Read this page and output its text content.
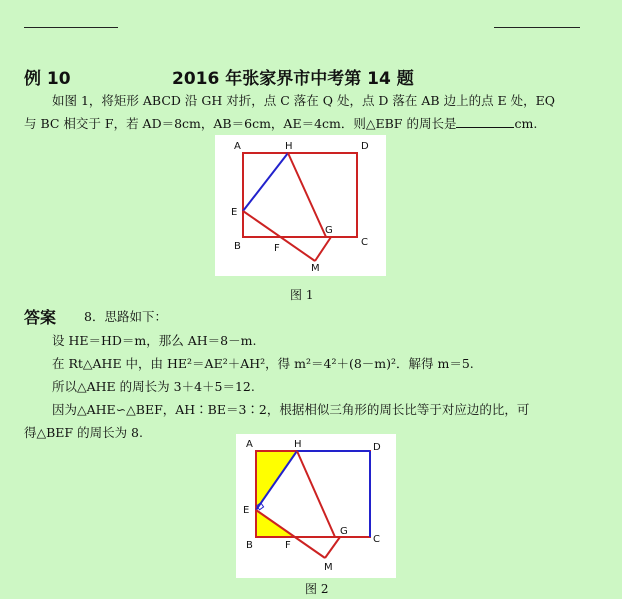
例 10	2016 年张家界市中考第 14 题
如图 1，将矩形 ABCD 沿 GH 对折，点 C 落在 Q 处，点 D 落在 AB 边上的点 E 处，EQ
与 BC 相交于 F，若 AD＝8cm，AB＝6cm，AE＝4cm．则△EBF 的周长是	cm.
A	H	D
E
B	F
G
C
M
图 1
答案 8．思路如下：
设 HE＝HD＝m，那么 AH＝8－m.
在 Rt△AHE 中，由 HE²＝AE²＋AH²，得 m²＝4²＋(8－m)²．解得 m＝5.
所以△AHE 的周长为 3＋4＋5＝12.
因为△AHE∽△BEF，AH∶BE＝3∶2，根据相似三角形的周长比等于对应边的比，可
得△BEF 的周长为 8.
A	H	D
E
B	F
G
C
M
图 2
